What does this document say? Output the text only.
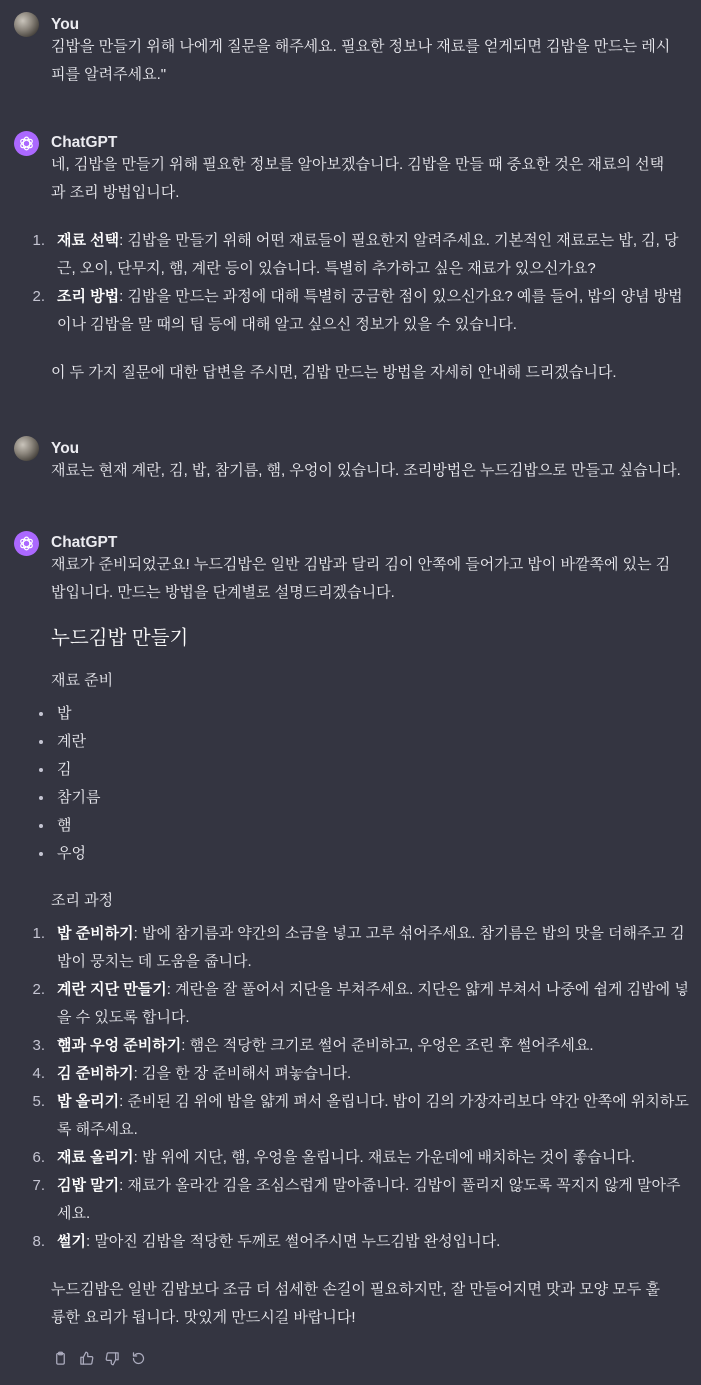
You

김밥을 만들기 위해 나에게 질문을 해주세요. 필요한 정보나 재료를 얻게되면 김밥을 만드는 레시피를 알려주세요."

ChatGPT

네, 김밥을 만들기 위해 필요한 정보를 알아보겠습니다. 김밥을 만들 때 중요한 것은 재료의 선택과 조리 방법입니다.

1. 재료 선택: 김밥을 만들기 위해 어떤 재료들이 필요한지 알려주세요. 기본적인 재료로는 밥, 김, 당근, 오이, 단무지, 햄, 계란 등이 있습니다. 특별히 추가하고 싶은 재료가 있으신가요?
2. 조리 방법: 김밥을 만드는 과정에 대해 특별히 궁금한 점이 있으신가요? 예를 들어, 밥의 양념 방법이나 김밥을 말 때의 팁 등에 대해 알고 싶으신 정보가 있을 수 있습니다.

이 두 가지 질문에 대한 답변을 주시면, 김밥 만드는 방법을 자세히 안내해 드리겠습니다.

You

재료는 현재 계란, 김, 밥, 참기름, 햄, 우엉이 있습니다. 조리방법은 누드김밥으로 만들고 싶습니다.

ChatGPT

재료가 준비되었군요! 누드김밥은 일반 김밥과 달리 김이 안쪽에 들어가고 밥이 바깥쪽에 있는 김밥입니다. 만드는 방법을 단계별로 설명드리겠습니다.

누드김밥 만들기

재료 준비

밥
계란
김
참기름
햄
우엉

조리 과정

1. 밥 준비하기: 밥에 참기름과 약간의 소금을 넣고 고루 섞어주세요. 참기름은 밥의 맛을 더해주고 김밥이 뭉치는 데 도움을 줍니다.
2. 계란 지단 만들기: 계란을 잘 풀어서 지단을 부쳐주세요. 지단은 얇게 부쳐서 나중에 쉽게 김밥에 넣을 수 있도록 합니다.
3. 햄과 우엉 준비하기: 햄은 적당한 크기로 썰어 준비하고, 우엉은 조린 후 썰어주세요.
4. 김 준비하기: 김을 한 장 준비해서 펴놓습니다.
5. 밥 올리기: 준비된 김 위에 밥을 얇게 펴서 올립니다. 밥이 김의 가장자리보다 약간 안쪽에 위치하도록 해주세요.
6. 재료 올리기: 밥 위에 지단, 햄, 우엉을 올립니다. 재료는 가운데에 배치하는 것이 좋습니다.
7. 김밥 말기: 재료가 올라간 김을 조심스럽게 말아줍니다. 김밥이 풀리지 않도록 꼭지지 않게 말아주세요.
8. 썰기: 말아진 김밥을 적당한 두께로 썰어주시면 누드김밥 완성입니다.

누드김밥은 일반 김밥보다 조금 더 섬세한 손길이 필요하지만, 잘 만들어지면 맛과 모양 모두 훌륭한 요리가 됩니다. 맛있게 만드시길 바랍니다!
